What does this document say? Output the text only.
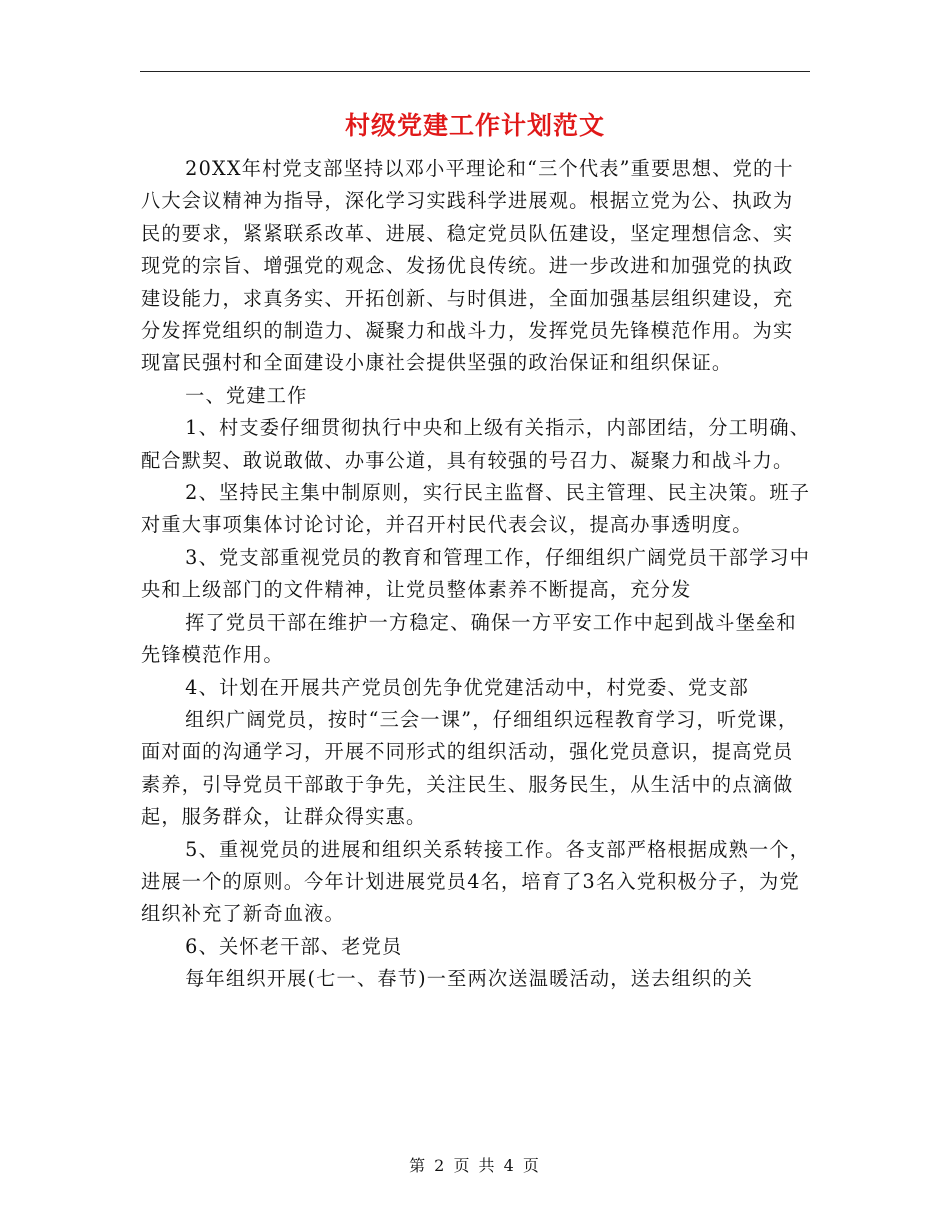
村级党建工作计划范文

20XX年村党支部坚持以邓小平理论和“三个代表”重要思想、党的十八大会议精神为指导，深化学习实践科学进展观。根据立党为公、执政为民的要求，紧紧联系改革、进展、稳定党员队伍建设，坚定理想信念、实现党的宗旨、增强党的观念、发扬优良传统。进一步改进和加强党的执政建设能力，求真务实、开拓创新、与时俱进，全面加强基层组织建设，充分发挥党组织的制造力、凝聚力和战斗力，发挥党员先锋模范作用。为实现富民强村和全面建设小康社会提供坚强的政治保证和组织保证。

一、党建工作

1、村支委仔细贯彻执行中央和上级有关指示，内部团结，分工明确、配合默契、敢说敢做、办事公道，具有较强的号召力、凝聚力和战斗力。

2、坚持民主集中制原则，实行民主监督、民主管理、民主决策。班子对重大事项集体讨论讨论，并召开村民代表会议，提高办事透明度。

3、党支部重视党员的教育和管理工作，仔细组织广阔党员干部学习中央和上级部门的文件精神，让党员整体素养不断提高，充分发

挥了党员干部在维护一方稳定、确保一方平安工作中起到战斗堡垒和先锋模范作用。

4、计划在开展共产党员创先争优党建活动中，村党委、党支部

组织广阔党员，按时“三会一课”，仔细组织远程教育学习，听党课，面对面的沟通学习，开展不同形式的组织活动，强化党员意识，提高党员素养，引导党员干部敢于争先，关注民生、服务民生，从生活中的点滴做起，服务群众，让群众得实惠。

5、重视党员的进展和组织关系转接工作。各支部严格根据成熟一个，进展一个的原则。今年计划进展党员4名，培育了3名入党积极分子，为党组织补充了新奇血液。

6、关怀老干部、老党员

每年组织开展(七一、春节)一至两次送温暖活动，送去组织的关

第 2 页 共 4 页
